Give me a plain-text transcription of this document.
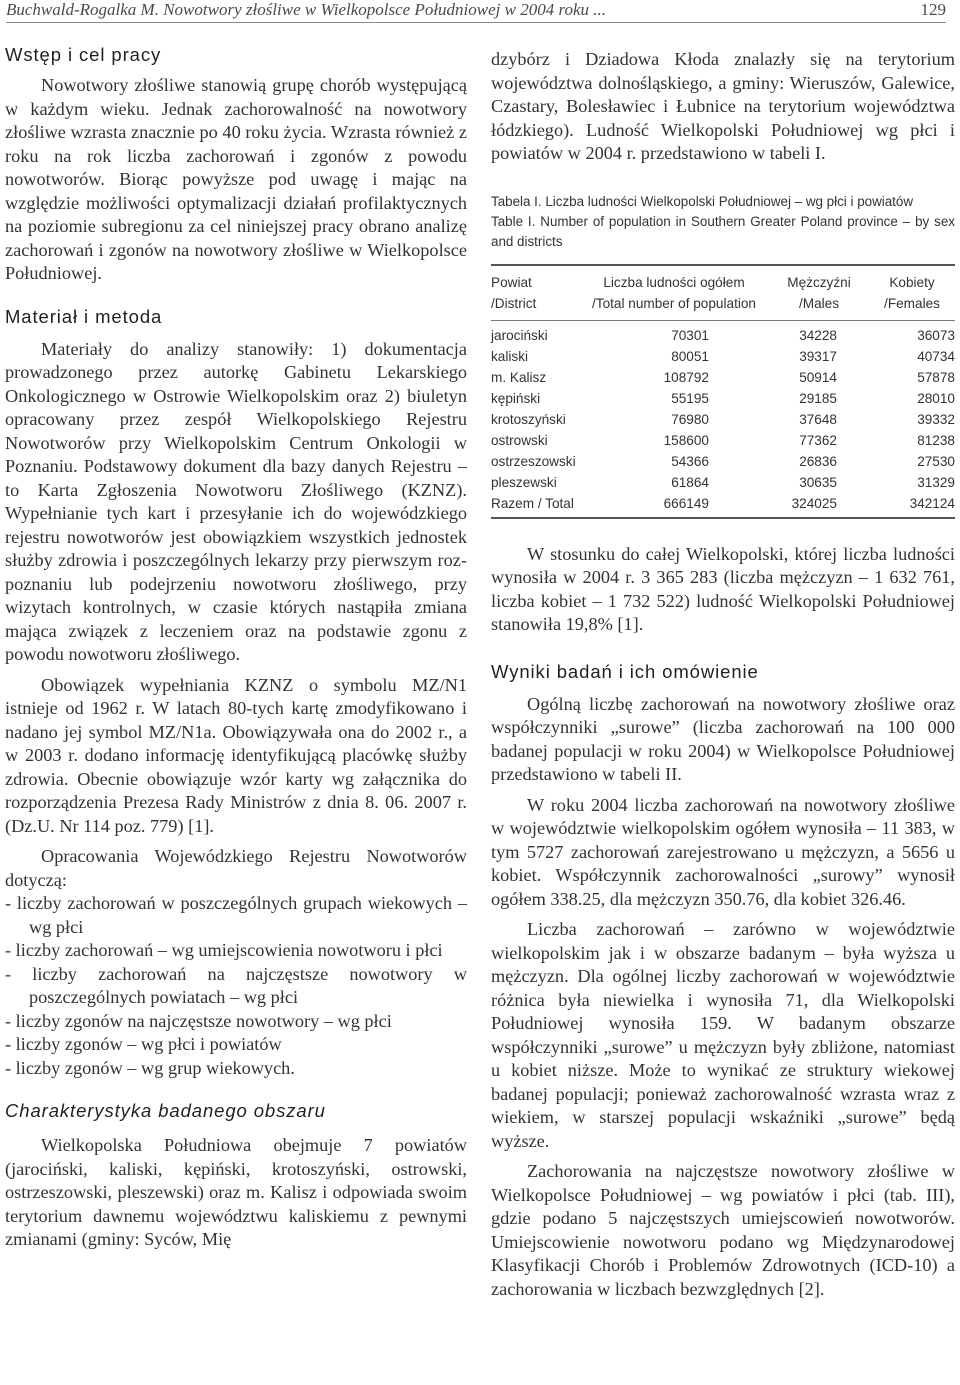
Buchwald-Rogalka M. Nowotwory złośliwe w Wielkopolsce Południowej w 2004 roku ...	129
Wstęp i cel pracy

Nowotwory złośliwe stanowią grupę chorób występującą w każdym wieku. Jednak zachorowalność na nowotwory złośliwe wzrasta znacznie po 40 roku życia. Wzrasta również z roku na rok liczba zachorowań i zgonów z powodu nowotworów. Biorąc powyższe pod uwagę i mając na względzie możliwości optymalizacji działań profilaktycznych na poziomie subregionu za cel niniejszej pracy obrano analizę zachorowań i zgonów na nowotwory złośliwe w Wielkopolsce Południowej.

Materiał i metoda

Materiały do analizy stanowiły: 1) dokumentacja prowadzonego przez autorkę Gabinetu Lekarskiego Onkologicznego w Ostrowie Wielkopolskim oraz 2) biuletyn opracowany przez zespół Wielkopolskiego Rejestru Nowotworów przy Wielkopolskim Centrum Onkologii w Poznaniu. Podstawowy dokument dla bazy danych Rejestru – to Karta Zgłoszenia Nowotworu Złośliwego (KZNZ). Wypełnianie tych kart i przesyłanie ich do wojewódzkiego rejestru nowotworów jest obowiązkiem wszystkich jednostek służby zdrowia i poszczególnych lekarzy przy pierwszym rozpoznaniu lub podejrzeniu nowotworu złośliwego, przy wizytach kontrolnych, w czasie których nastąpiła zmiana mająca związek z leczeniem oraz na podstawie zgonu z powodu nowotworu złośliwego.

Obowiązek wypełniania KZNZ o symbolu MZ/N1 istnieje od 1962 r. W latach 80-tych kartę zmodyfikowano i nadano jej symbol MZ/N1a. Obowiązywała ona do 2002 r., a w 2003 r. dodano informację identyfikującą placówkę służby zdrowia. Obecnie obowiązuje wzór karty wg załącznika do rozporządzenia Prezesa Rady Ministrów z dnia 8. 06. 2007 r. (Dz.U. Nr 114 poz. 779) [1].

Opracowania Wojewódzkiego Rejestru Nowotworów dotyczą:

- liczby zachorowań w poszczególnych grupach wiekowych – wg płci
- liczby zachorowań – wg umiejscowienia nowotworu i płci
- liczby zachorowań na najczęstsze nowotwory w poszczególnych powiatach – wg płci
- liczby zgonów na najczęstsze nowotwory – wg płci
- liczby zgonów – wg płci i powiatów
- liczby zgonów – wg grup wiekowych.
Charakterystyka badanego obszaru

Wielkopolska Południowa obejmuje 7 powiatów (jarociński, kaliski, kępiński, krotoszyński, ostrowski, ostrzeszowski, pleszewski) oraz m. Kalisz i odpowiada swoim terytorium dawnemu województwu kaliskiemu z pewnymi zmianami (gminy: Syców, Mię

dzybórz i Dziadowa Kłoda znalazły się na terytorium województwa dolnośląskiego, a gminy: Wieruszów, Galewice, Czastary, Bolesławiec i Łubnice na terytorium województwa łódzkiego). Ludność Wielkopolski Południowej wg płci i powiatów w 2004 r. przedstawiono w tabeli I.

Tabela I. Liczba ludności Wielkopolski Południowej – wg płci i powiatów

Table I. Number of population in Southern Greater Poland province – by sex and districts

Powiat	Liczba ludności ogółem	Mężczyźni	Kobiety
/District	/Total number of population	/Males	/Females
jarociński	70301	34228	36073
kaliski	80051	39317	40734
m. Kalisz	108792	50914	57878
kępiński	55195	29185	28010
krotoszyński	76980	37648	39332
ostrowski	158600	77362	81238
ostrzeszowski	54366	26836	27530
pleszewski	61864	30635	31329
Razem / Total	666149	324025	342124

W stosunku do całej Wielkopolski, której liczba ludności wynosiła w 2004 r. 3 365 283 (liczba mężczyzn – 1 632 761, liczba kobiet – 1 732 522) ludność Wielkopolski Południowej stanowiła 19,8% [1].

Wyniki badań i ich omówienie

Ogólną liczbę zachorowań na nowotwory złośliwe oraz współczynniki „surowe” (liczba zachorowań na 100 000 badanej populacji w roku 2004) w Wielkopolsce Południowej przedstawiono w tabeli II.

W roku 2004 liczba zachorowań na nowotwory złośliwe w województwie wielkopolskim ogółem wynosiła – 11 383, w tym 5727 zachorowań zarejestrowano u mężczyzn, a 5656 u kobiet. Współczynnik zachorowalności „surowy” wynosił ogółem 338.25, dla mężczyzn 350.76, dla kobiet 326.46.

Liczba zachorowań – zarówno w województwie wielkopolskim jak i w obszarze badanym – była wyższa u mężczyzn. Dla ogólnej liczby zachorowań w województwie różnica była niewielka i wynosiła 71, dla Wielkopolski Południowej wynosiła 159. W badanym obszarze współczynniki „surowe” u mężczyzn były zbliżone, natomiast u kobiet niższe. Może to wynikać ze struktury wiekowej badanej populacji; ponieważ zachorowalność wzrasta wraz z wiekiem, w starszej populacji wskaźniki „surowe” będą wyższe.

Zachorowania na najczęstsze nowotwory złośliwe w Wielkopolsce Południowej – wg powiatów i płci (tab. III), gdzie podano 5 najczęstszych umiejscowień nowotworów. Umiejscowienie nowotworu podano wg Międzynarodowej Klasyfikacji Chorób i Problemów Zdrowotnych (ICD-10) a zachorowania w liczbach bezwzględnych [2].
